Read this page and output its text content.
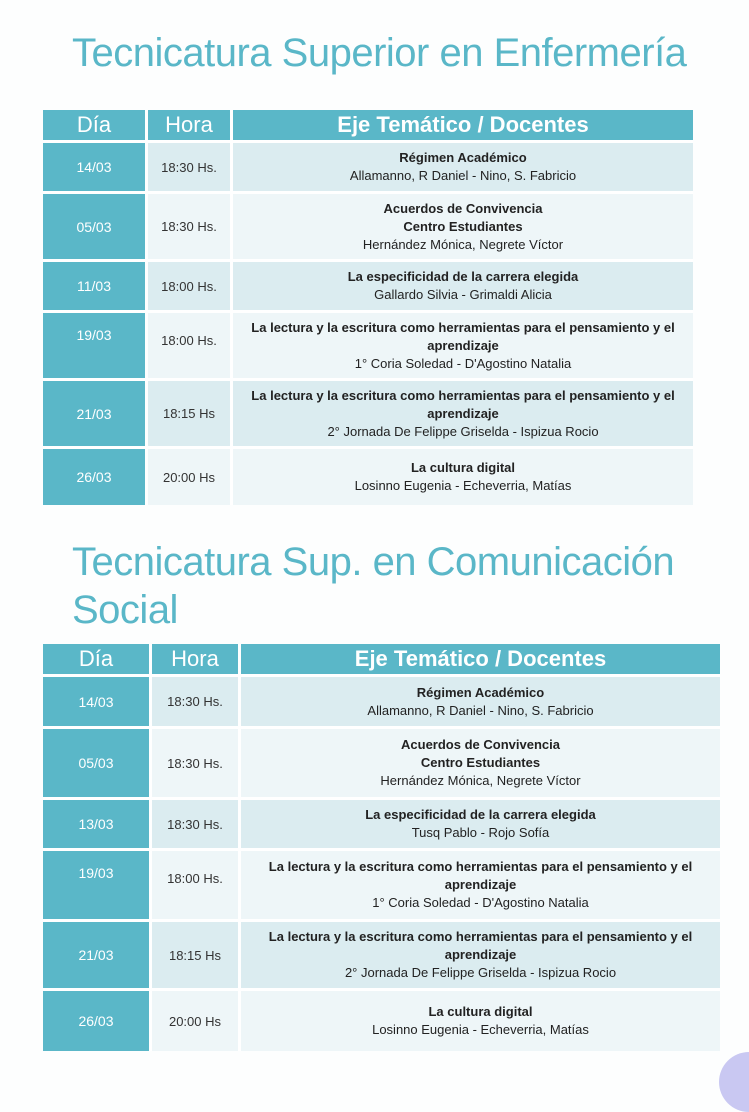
Tecnicatura Superior en Enfermería
Día	Hora	Eje Temático / Docentes
14/03	18:30 Hs.
Régimen Académico
Allamanno, R Daniel - Nino, S. Fabricio
05/03	18:30 Hs.
Acuerdos de Convivencia
Centro Estudiantes
Hernández Mónica, Negrete Víctor
11/03	18:00 Hs.
La especificidad de la carrera elegida
Gallardo Silvia - Grimaldi Alicia
19/03	18:00 Hs.
La lectura y la escritura como herramientas para el pensamiento y el aprendizaje
1° Coria Soledad - D'Agostino Natalia
21/03	18:15 Hs
La lectura y la escritura como herramientas para el pensamiento y el aprendizaje
2° Jornada De Felippe Griselda - Ispizua Rocio
26/03	20:00 Hs
La cultura digital
Losinno Eugenia - Echeverria, Matías
Tecnicatura Sup. en Comunicación Social
Día	Hora	Eje Temático / Docentes
14/03	18:30 Hs.
Régimen Académico
Allamanno, R Daniel - Nino, S. Fabricio
05/03	18:30 Hs.
Acuerdos de Convivencia
Centro Estudiantes
Hernández Mónica, Negrete Víctor
13/03	18:30 Hs.
La especificidad de la carrera elegida
Tusq Pablo - Rojo Sofía
19/03	18:00 Hs.
La lectura y la escritura como herramientas para el pensamiento y el aprendizaje
1° Coria Soledad - D'Agostino Natalia
21/03	18:15 Hs
La lectura y la escritura como herramientas para el pensamiento y el aprendizaje
2° Jornada De Felippe Griselda - Ispizua Rocio
26/03	20:00 Hs
La cultura digital
Losinno Eugenia - Echeverria, Matías
